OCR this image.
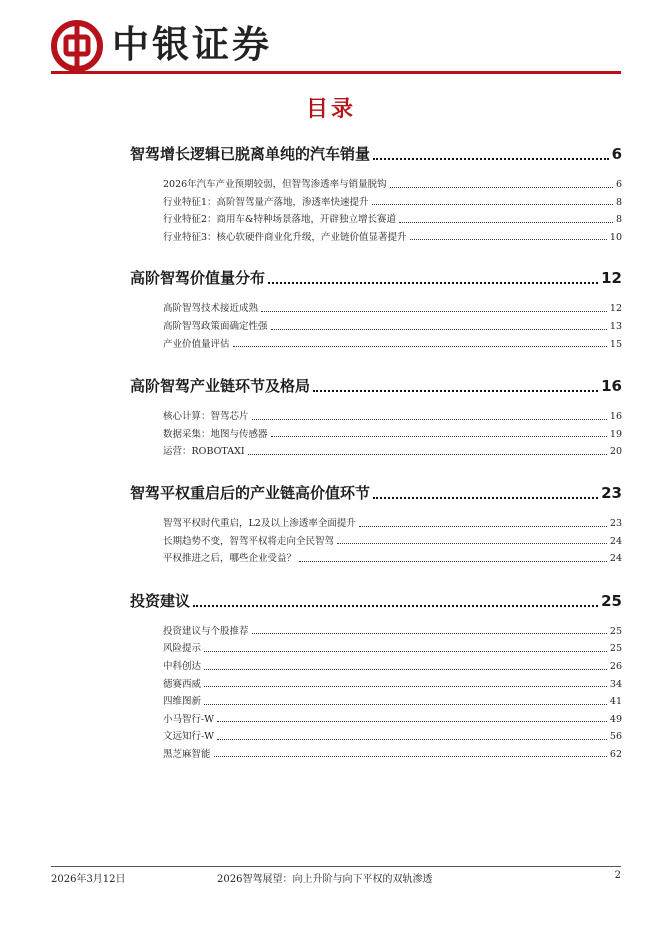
中银证券
目录
智驾增长逻辑已脱离单纯的汽车销量	6
2026年汽车产业预期较弱，但智驾渗透率与销量脱钩	6
行业特征1：高阶智驾量产落地，渗透率快速提升	8
行业特征2：商用车&特种场景落地，开辟独立增长赛道	8
行业特征3：核心软硬件商业化升级，产业链价值显著提升	10
高阶智驾价值量分布	12
高阶智驾技术接近成熟	12
高阶智驾政策面确定性强	13
产业价值量评估	15
高阶智驾产业链环节及格局	16
核心计算：智驾芯片	16
数据采集：地图与传感器	19
运营：ROBOTAXI	20
智驾平权重启后的产业链高价值环节	23
智驾平权时代重启，L2及以上渗透率全面提升	23
长期趋势不变，智驾平权将走向全民智驾	24
平权推进之后，哪些企业受益？	24
投资建议	25
投资建议与个股推荐	25
风险提示	25
中科创达	26
德赛西威	34
四维图新	41
小马智行-W	49
文远知行-W	56
黑芝麻智能	62
2026年3月12日	2026智驾展望：向上升阶与向下平权的双轨渗透	2
